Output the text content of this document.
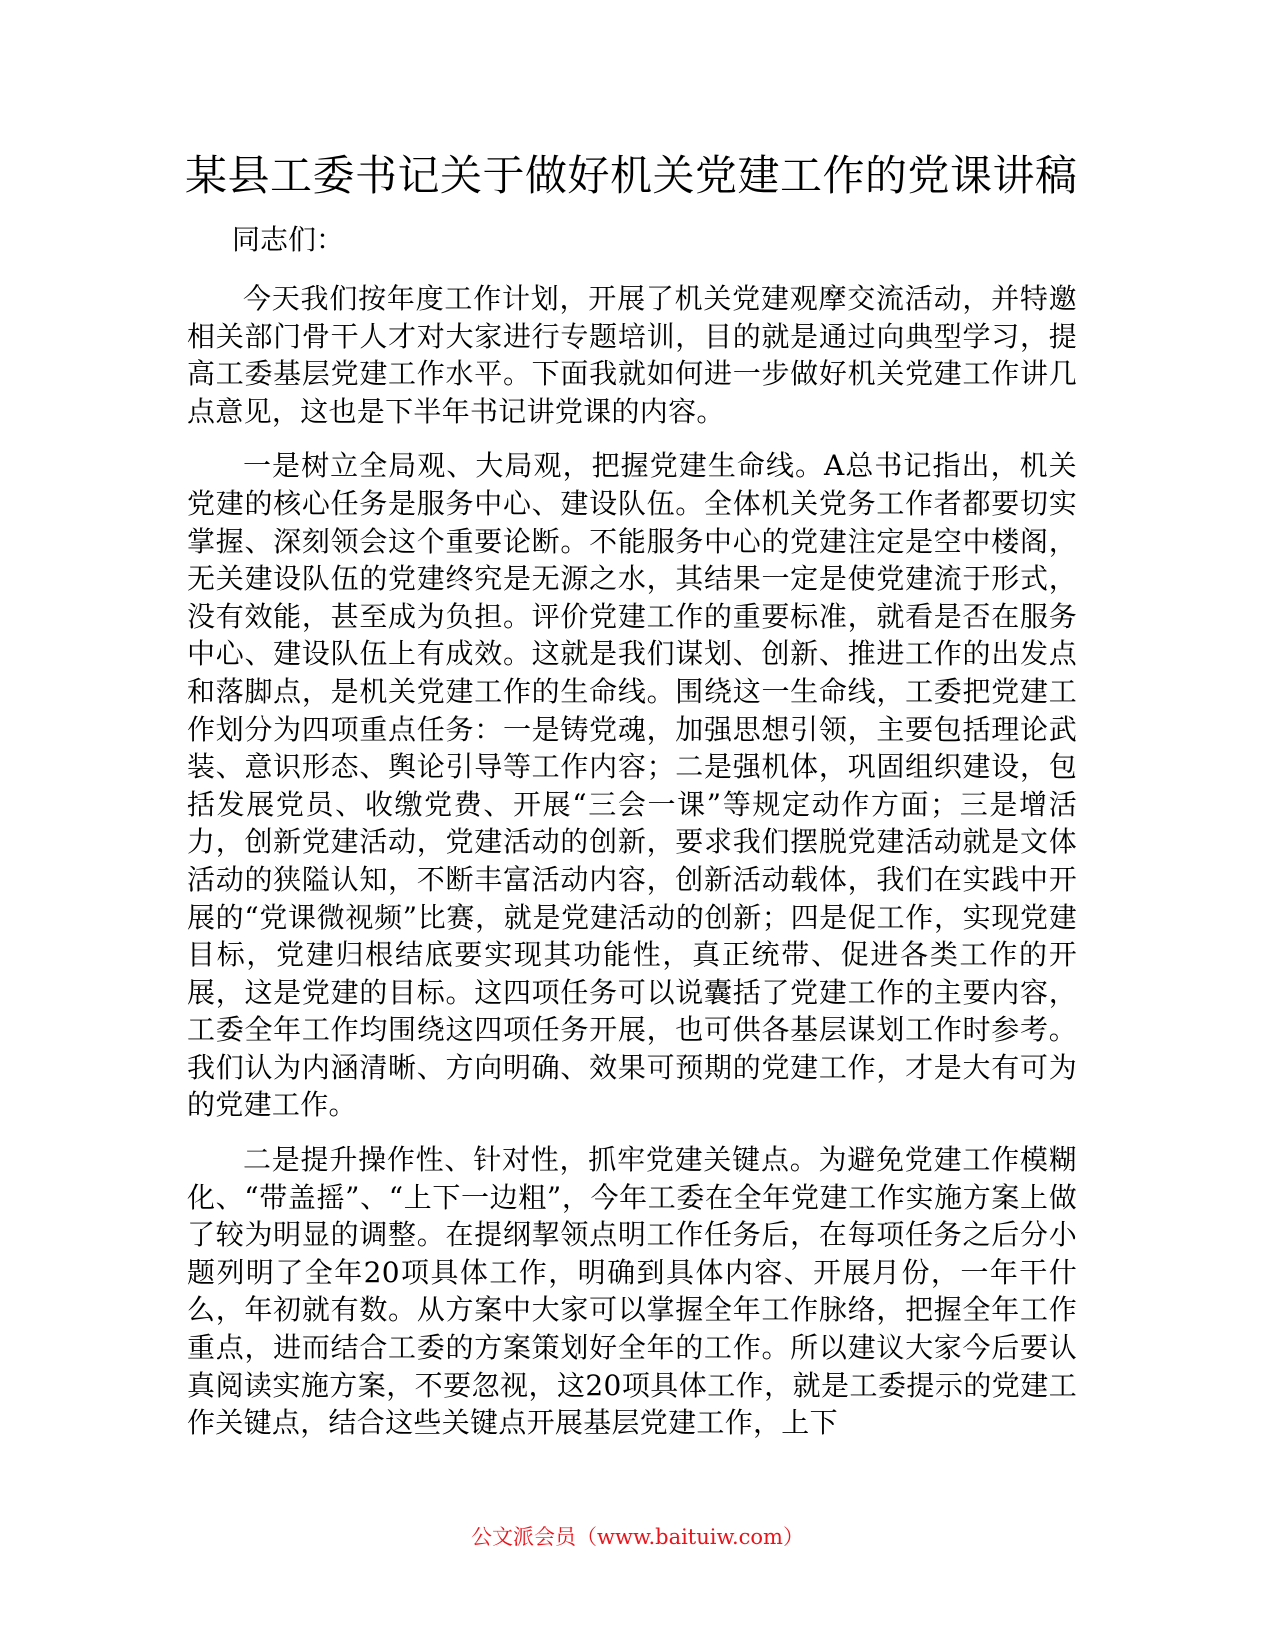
某县工委书记关于做好机关党建工作的党课讲稿

同志们：

今天我们按年度工作计划，开展了机关党建观摩交流活动，并特邀相关部门骨干人才对大家进行专题培训，目的就是通过向典型学习，提高工委基层党建工作水平。下面我就如何进一步做好机关党建工作讲几点意见，这也是下半年书记讲党课的内容。

一是树立全局观、大局观，把握党建生命线。A总书记指出，机关党建的核心任务是服务中心、建设队伍。全体机关党务工作者都要切实掌握、深刻领会这个重要论断。不能服务中心的党建注定是空中楼阁，无关建设队伍的党建终究是无源之水，其结果一定是使党建流于形式，没有效能，甚至成为负担。评价党建工作的重要标准，就看是否在服务中心、建设队伍上有成效。这就是我们谋划、创新、推进工作的出发点和落脚点，是机关党建工作的生命线。围绕这一生命线，工委把党建工作划分为四项重点任务：一是铸党魂，加强思想引领，主要包括理论武装、意识形态、舆论引导等工作内容；二是强机体，巩固组织建设，包括发展党员、收缴党费、开展“三会一课”等规定动作方面；三是增活力，创新党建活动，党建活动的创新，要求我们摆脱党建活动就是文体活动的狭隘认知，不断丰富活动内容，创新活动载体，我们在实践中开展的“党课微视频”比赛，就是党建活动的创新；四是促工作，实现党建目标，党建归根结底要实现其功能性，真正统带、促进各类工作的开展，这是党建的目标。这四项任务可以说囊括了党建工作的主要内容，工委全年工作均围绕这四项任务开展，也可供各基层谋划工作时参考。我们认为内涵清晰、方向明确、效果可预期的党建工作，才是大有可为的党建工作。

二是提升操作性、针对性，抓牢党建关键点。为避免党建工作模糊化、“带盖摇”、“上下一边粗”，今年工委在全年党建工作实施方案上做了较为明显的调整。在提纲挈领点明工作任务后，在每项任务之后分小题列明了全年20项具体工作，明确到具体内容、开展月份，一年干什么，年初就有数。从方案中大家可以掌握全年工作脉络，把握全年工作重点，进而结合工委的方案策划好全年的工作。所以建议大家今后要认真阅读实施方案，不要忽视，这20项具体工作，就是工委提示的党建工作关键点，结合这些关键点开展基层党建工作，上下

公文派会员（www.baituiw.com）
